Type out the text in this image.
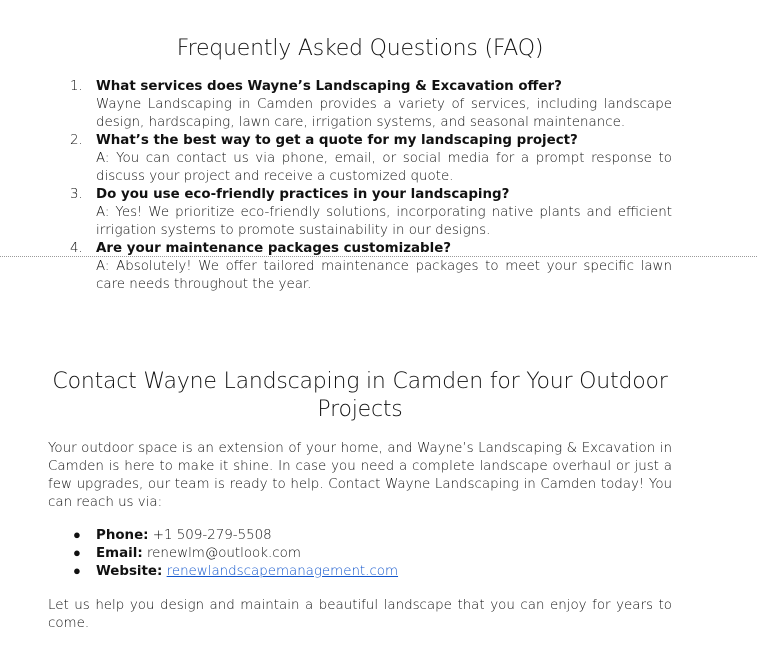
Frequently Asked Questions (FAQ)
1. What services does Wayne’s Landscaping & Excavation offer?
Wayne Landscaping in Camden provides a variety of services, including landscape design, hardscaping, lawn care, irrigation systems, and seasonal maintenance.
2. What’s the best way to get a quote for my landscaping project?
A: You can contact us via phone, email, or social media for a prompt response to discuss your project and receive a customized quote.
3. Do you use eco-friendly practices in your landscaping?
A: Yes! We prioritize eco-friendly solutions, incorporating native plants and efficient irrigation systems to promote sustainability in our designs.
4. Are your maintenance packages customizable?
A: Absolutely! We offer tailored maintenance packages to meet your specific lawn care needs throughout the year.
Contact Wayne Landscaping in Camden for Your Outdoor Projects

Your outdoor space is an extension of your home, and Wayne’s Landscaping & Excavation in Camden is here to make it shine. In case you need a complete landscape overhaul or just a few upgrades, our team is ready to help. Contact Wayne Landscaping in Camden today! You can reach us via:

● Phone: +1 509-279-5508
● Email: renewlm@outlook.com
● Website: renewlandscapemanagement.com

Let us help you design and maintain a beautiful landscape that you can enjoy for years to come.
